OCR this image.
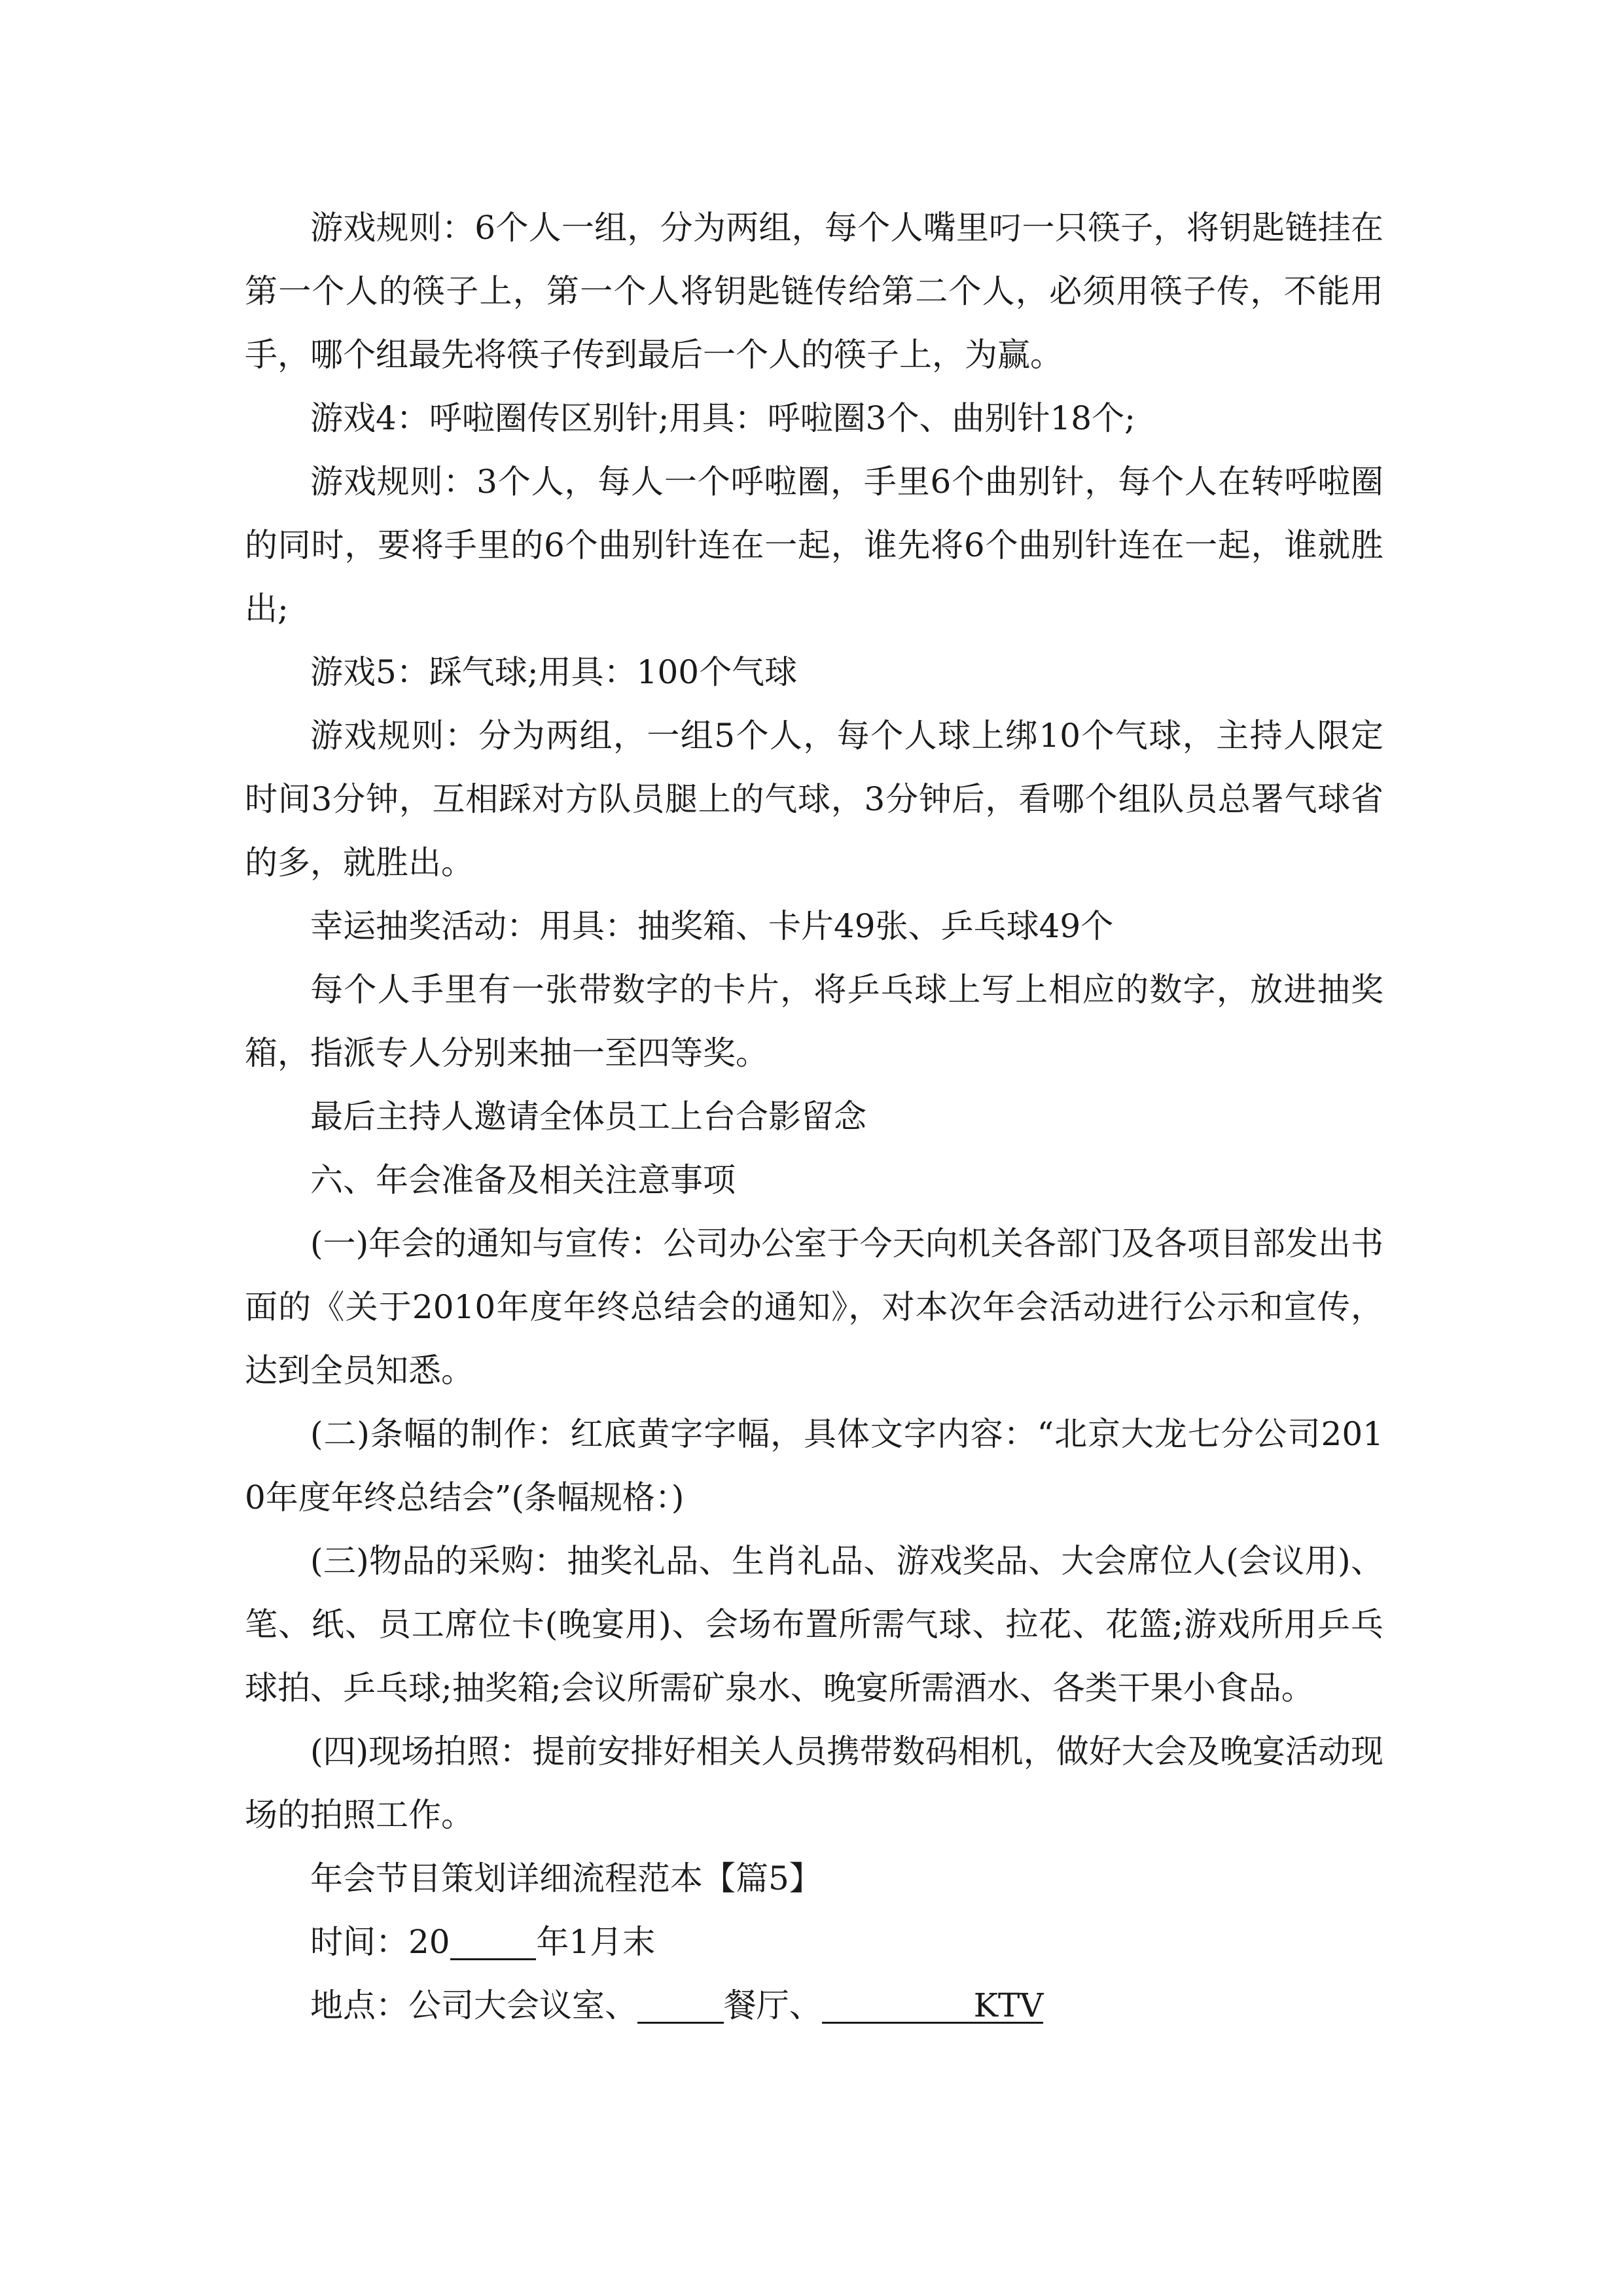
游戏规则：6个人一组，分为两组，每个人嘴里叼一只筷子，将钥匙链挂在第一个人的筷子上，第一个人将钥匙链传给第二个人，必须用筷子传，不能用手，哪个组最先将筷子传到最后一个人的筷子上，为赢。

游戏4：呼啦圈传区别针;用具：呼啦圈3个、曲别针18个;

游戏规则：3个人，每人一个呼啦圈，手里6个曲别针，每个人在转呼啦圈的同时，要将手里的6个曲别针连在一起，谁先将6个曲别针连在一起，谁就胜出;

游戏5：踩气球;用具：100个气球

游戏规则：分为两组，一组5个人，每个人球上绑10个气球，主持人限定时间3分钟，互相踩对方队员腿上的气球，3分钟后，看哪个组队员总署气球省的多，就胜出。

幸运抽奖活动：用具：抽奖箱、卡片49张、乒乓球49个

每个人手里有一张带数字的卡片，将乒乓球上写上相应的数字，放进抽奖箱，指派专人分别来抽一至四等奖。

最后主持人邀请全体员工上台合影留念

六、年会准备及相关注意事项

(一)年会的通知与宣传：公司办公室于今天向机关各部门及各项目部发出书面的《关于2010年度年终总结会的通知》，对本次年会活动进行公示和宣传，达到全员知悉。

(二)条幅的制作：红底黄字字幅，具体文字内容：“北京大龙七分公司2010年度年终总结会”(条幅规格：)

(三)物品的采购：抽奖礼品、生肖礼品、游戏奖品、大会席位人(会议用)、笔、纸、员工席位卡(晚宴用)、会场布置所需气球、拉花、花篮;游戏所用乒乓球拍、乒乓球;抽奖箱;会议所需矿泉水、晚宴所需酒水、各类干果小食品。

(四)现场拍照：提前安排好相关人员携带数码相机，做好大会及晚宴活动现场的拍照工作。

年会节目策划详细流程范本【篇5】

时间：20	年1月末

地点：公司大会议室、	餐厅、	KTV
